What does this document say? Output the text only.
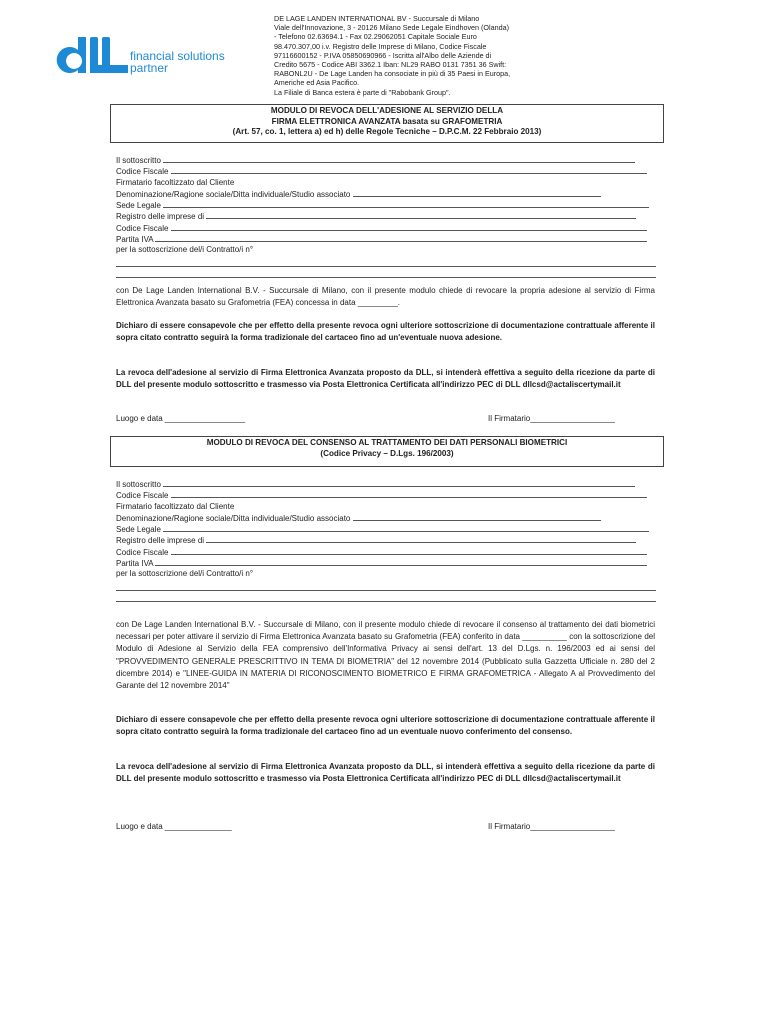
financial solutions
partner
DE LAGE LANDEN INTERNATIONAL BV - Succursale di Milano
Viale dell'Innovazione, 3 - 20126 Milano Sede Legale Eindhoven (Olanda)
- Telefono 02.63694.1 - Fax 02.29062051 Capitale Sociale Euro
98.470.307,00 i.v. Registro delle Imprese di Milano, Codice Fiscale
97116600152 - P.IVA 05850690966 - Iscritta all'Albo delle Aziende di
Credito 5675 - Codice ABI 3362.1 Iban: NL29 RABO 0131 7351 36 Swift:
RABONL2U - De Lage Landen ha consociate in più di 35 Paesi in Europa,
Americhe ed Asia Pacifico.
La Filiale di Banca estera è parte di "Rabobank Group".
MODULO DI REVOCA DELL'ADESIONE AL SERVIZIO DELLA
FIRMA ELETTRONICA AVANZATA basata su GRAFOMETRIA
(Art. 57, co. 1, lettera a) ed h) delle Regole Tecniche – D.P.C.M. 22 Febbraio 2013)
Il sottoscritto
Codice Fiscale
Firmatario facoltizzato dal Cliente
Denominazione/Ragione sociale/Ditta individuale/Studio associato
Sede Legale
Registro delle imprese di
Codice Fiscale
Partita IVA
per la sottoscrizione del/i Contratto/i n°
con De Lage Landen International B.V. - Succursale di Milano, con il presente modulo chiede di revocare la propria adesione al servizio di Firma Elettronica Avanzata basato su Grafometria (FEA) concessa in data _________.
Dichiaro di essere consapevole che per effetto della presente revoca ogni ulteriore sottoscrizione di documentazione contrattuale afferente il sopra citato contratto seguirà la forma tradizionale del cartaceo fino ad un'eventuale nuova adesione.
La revoca dell'adesione al servizio di Firma Elettronica Avanzata proposto da DLL, si intenderà effettiva a seguito della ricezione da parte di DLL del presente modulo sottoscritto e trasmesso via Posta Elettronica Certificata all'indirizzo PEC di DLL dllcsd@actaliscertymail.it
Luogo e data __________________	Il Firmatario___________________
MODULO DI REVOCA DEL CONSENSO AL TRATTAMENTO DEI DATI PERSONALI BIOMETRICI
(Codice Privacy – D.Lgs. 196/2003)
Il sottoscritto
Codice Fiscale
Firmatario facoltizzato dal Cliente
Denominazione/Ragione sociale/Ditta individuale/Studio associato
Sede Legale
Registro delle imprese di
Codice Fiscale
Partita IVA
per la sottoscrizione del/i Contratto/i n°
con De Lage Landen International B.V. - Succursale di Milano, con il presente modulo chiede di revocare il consenso al trattamento dei dati biometrici necessari per poter attivare il servizio di Firma Elettronica Avanzata basato su Grafometria (FEA) conferito in data __________ con la sottoscrizione del Modulo di Adesione al Servizio della FEA comprensivo dell'Informativa Privacy ai sensi dell'art. 13 del D.Lgs. n. 196/2003 ed ai sensi del "PROVVEDIMENTO GENERALE PRESCRITTIVO IN TEMA DI BIOMETRIA" del 12 novembre 2014 (Pubblicato sulla Gazzetta Ufficiale n. 280 del 2 dicembre 2014) e "LINEE-GUIDA IN MATERIA DI RICONOSCIMENTO BIOMETRICO E FIRMA GRAFOMETRICA - Allegato A al Provvedimento del Garante del 12 novembre 2014"
Dichiaro di essere consapevole che per effetto della presente revoca ogni ulteriore sottoscrizione di documentazione contrattuale afferente il sopra citato contratto seguirà la forma tradizionale del cartaceo fino ad un eventuale nuovo conferimento del consenso.
La revoca dell'adesione al servizio di Firma Elettronica Avanzata proposto da DLL, si intenderà effettiva a seguito della ricezione da parte di DLL del presente modulo sottoscritto e trasmesso via Posta Elettronica Certificata all'indirizzo PEC di DLL dllcsd@actaliscertymail.it
Luogo e data _______________	Il Firmatario___________________
